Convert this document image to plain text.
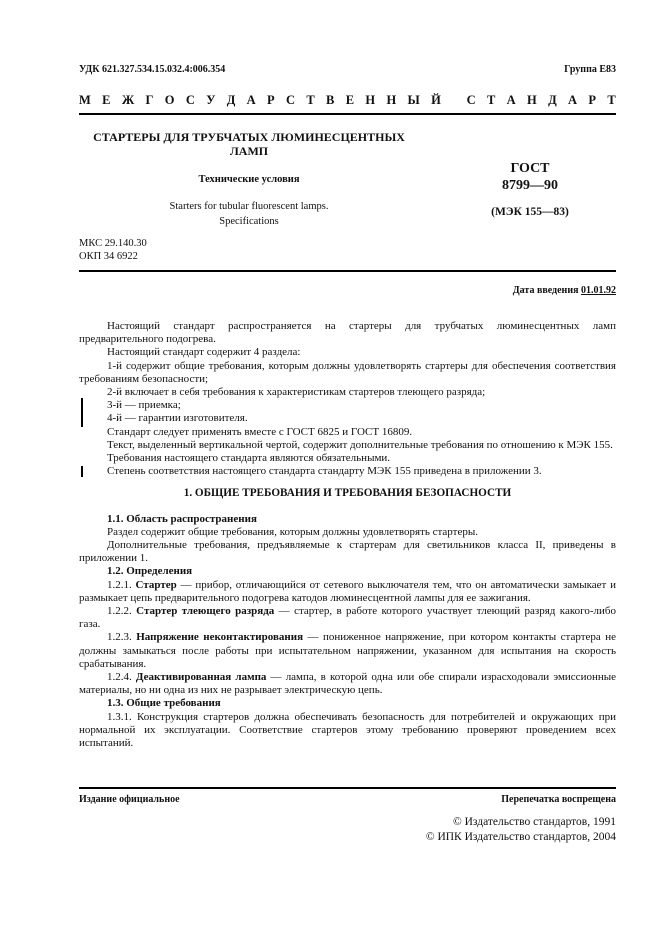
УДК 621.327.534.15.032.4:006.354	Группа Е83
М Е Ж Г О С У Д А Р С Т В Е Н Н Ы Й
С Т А Н Д А Р Т
СТАРТЕРЫ ДЛЯ ТРУБЧАТЫХ ЛЮМИНЕСЦЕНТНЫХ
ЛАМП
Технические условия
Starters for tubular fluorescent lamps.
Specifications
ГОСТ
8799—90
(МЭК 155—83)
МКС 29.140.30
ОКП 34 6922
Дата введения 01.01.92

Настоящий стандарт распространяется на стартеры для трубчатых люминесцентных ламп предварительного подогрева.

Настоящий стандарт содержит 4 раздела:

1-й содержит общие требования, которым должны удовлетворять стартеры для обеспечения соответствия требованиям безопасности;

2-й включает в себя требования к характеристикам стартеров тлеющего разряда;

3-й — приемка;

4-й — гарантии изготовителя.

Стандарт следует применять вместе с ГОСТ 6825 и ГОСТ 16809.

Текст, выделенный вертикальной чертой, содержит дополнительные требования по отношению к МЭК 155.

Требования настоящего стандарта являются обязательными.

Степень соответствия настоящего стандарта стандарту МЭК 155 приведена в приложении 3.

1. ОБЩИЕ ТРЕБОВАНИЯ И ТРЕБОВАНИЯ БЕЗОПАСНОСТИ

1.1. Область распространения

Раздел содержит общие требования, которым должны удовлетворять стартеры.

Дополнительные требования, предъявляемые к стартерам для светильников класса II, приведены в приложении 1.

1.2. Определения

1.2.1. Стартер — прибор, отличающийся от сетевого выключателя тем, что он автоматически замыкает и размыкает цепь предварительного подогрева катодов люминесцентной лампы для ее зажигания.

1.2.2. Стартер тлеющего разряда — стартер, в работе которого участвует тлеющий разряд какого-либо газа.

1.2.3. Напряжение неконтактирования — пониженное напряжение, при котором контакты стартера не должны замыкаться после работы при испытательном напряжении, указанном для испытания на скорость срабатывания.

1.2.4. Деактивированная лампа — лампа, в которой одна или обе спирали израсходовали эмиссионные материалы, но ни одна из них не разрывает электрическую цепь.

1.3. Общие требования

1.3.1. Конструкция стартеров должна обеспечивать безопасность для потребителей и окружающих при нормальной их эксплуатации. Соответствие стартеров этому требованию проверяют проведением всех испытаний.

Издание официальное	Перепечатка воспрещена
© Издательство стандартов, 1991
© ИПК Издательство стандартов, 2004
